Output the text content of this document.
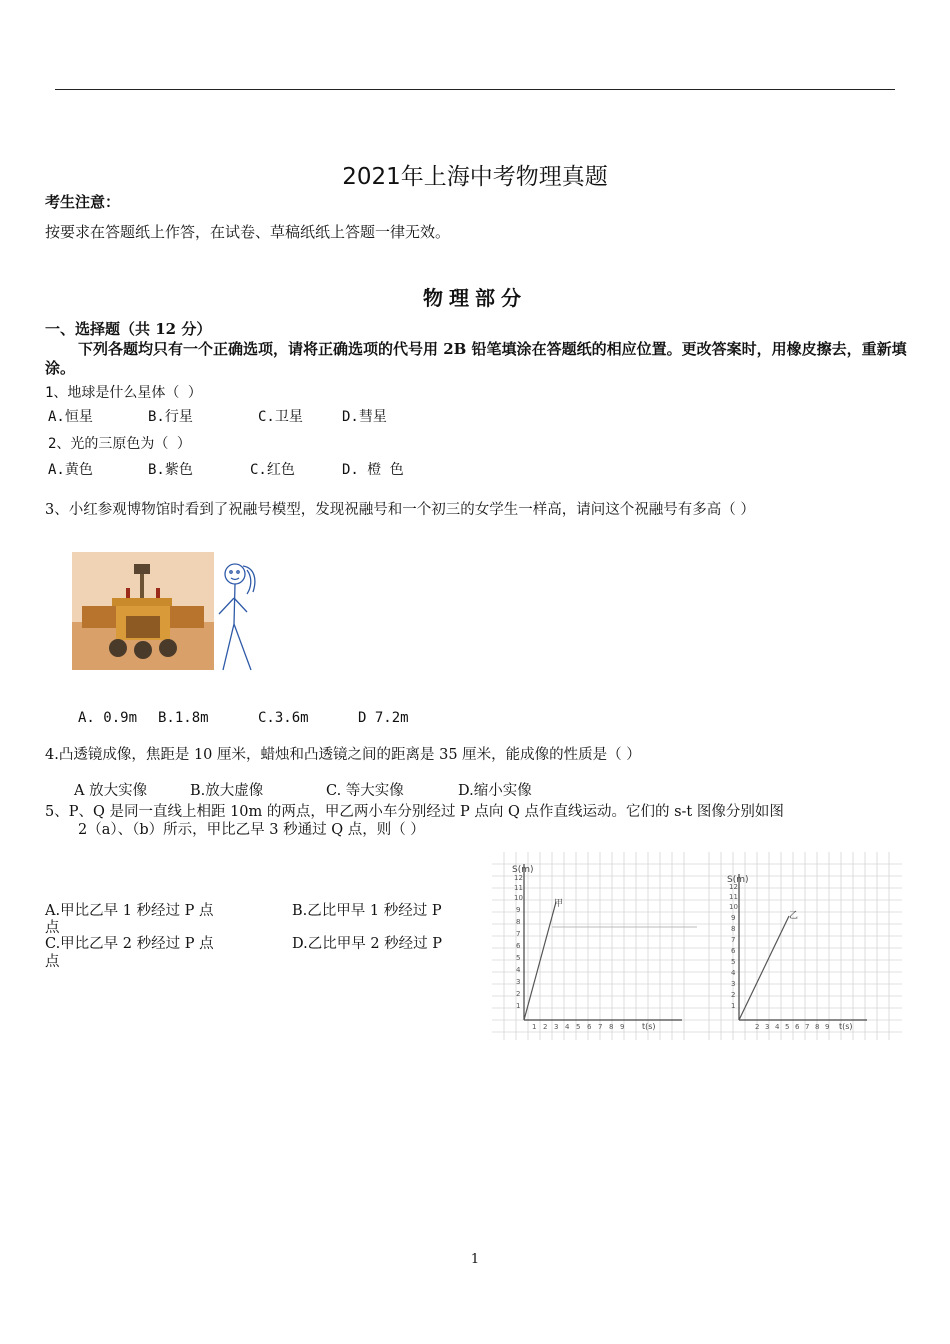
2021年上海中考物理真题
考生注意：
按要求在答题纸上作答，在试卷、草稿纸纸上答题一律无效。
物理部分
一、选择题（共 12 分）
下列各题均只有一个正确选项，请将正确选项的代号用 2B 铅笔填涂在答题纸的相应位置。更改答案时，用橡皮擦去，重新填涂。
1、地球是什么星体（ ）
A.恒星	B.行星	C.卫星	D.彗星
2、光的三原色为（ ）
A.黄色	B.紫色	C.红色	D. 橙 色
3、小红参观博物馆时看到了祝融号模型，发现祝融号和一个初三的女学生一样高，请问这个祝融号有多高（ ）
A. 0.9m B.1.8m	C.3.6m	D 7.2m
4.凸透镜成像，焦距是 10 厘米，蜡烛和凸透镜之间的距离是 35 厘米，能成像的性质是（ ）
A 放大实像	B.放大虚像	C. 等大实像	D.缩小实像
5、P、Q 是同一直线上相距 10m 的两点，甲乙两小车分别经过 P 点向 Q 点作直线运动。它们的 s-t 图像分别如图
2（a）、（b）所示，甲比乙早 3 秒通过 Q 点，则（ ）
A.甲比乙早 1 秒经过 P 点	B.乙比甲早 1 秒经过 P
点
C.甲比乙早 2 秒经过 P 点	D.乙比甲早 2 秒经过 P
点
S(m)
甲
t(s)
1 2 3 4 5 6 7 8 9
1
2
3
4
5
6
7
8
9
10
11
12	S(m)
乙
t(s)
2 3 4 5 6 7 8 9
1
2
3
4
5
6
7
8
9
10
11
12
1
